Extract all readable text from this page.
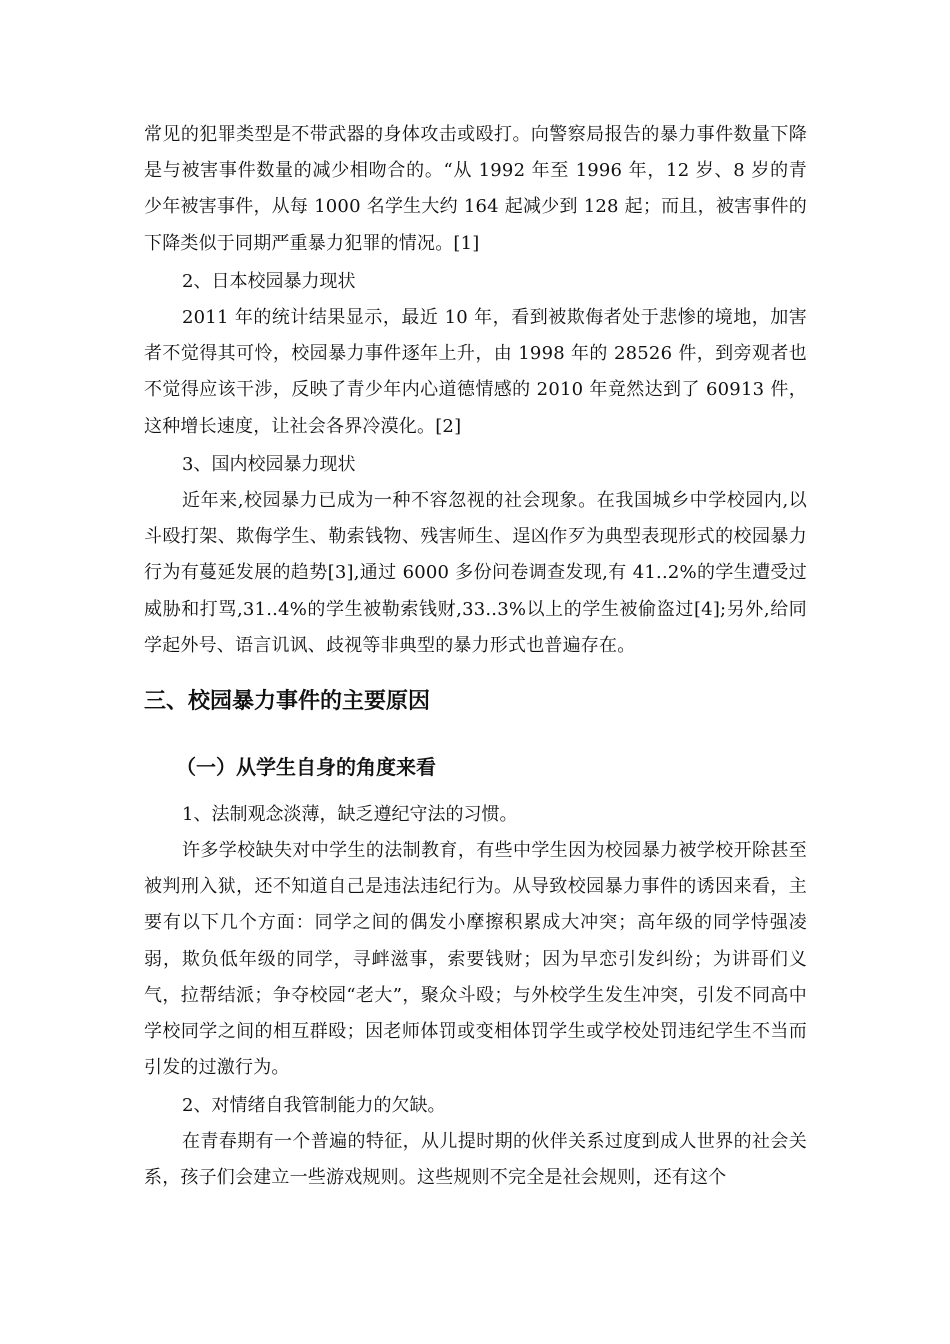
常见的犯罪类型是不带武器的身体攻击或殴打。向警察局报告的暴力事件数量下降是与被害事件数量的减少相吻合的。“从 1992 年至 1996 年，12 岁、8 岁的青少年被害事件，从每 1000 名学生大约 164 起减少到 128 起；而且，被害事件的下降类似于同期严重暴力犯罪的情况。[1]

2、日本校园暴力现状

2011 年的统计结果显示，最近 10 年，看到被欺侮者处于悲惨的境地，加害者不觉得其可怜，校园暴力事件逐年上升，由 1998 年的 28526 件，到旁观者也不觉得应该干涉，反映了青少年内心道德情感的 2010 年竟然达到了 60913 件，这种增长速度，让社会各界冷漠化。[2]

3、国内校园暴力现状

近年来,校园暴力已成为一种不容忽视的社会现象。在我国城乡中学校园内,以斗殴打架、欺侮学生、勒索钱物、残害师生、逞凶作歹为典型表现形式的校园暴力行为有蔓延发展的趋势[3],通过 6000 多份问卷调查发现,有 41..2%的学生遭受过威胁和打骂,31..4%的学生被勒索钱财,33..3%以上的学生被偷盗过[4];另外,给同学起外号、语言讥讽、歧视等非典型的暴力形式也普遍存在。

三、校园暴力事件的主要原因
（一）从学生自身的角度来看

1、法制观念淡薄，缺乏遵纪守法的习惯。

许多学校缺失对中学生的法制教育，有些中学生因为校园暴力被学校开除甚至被判刑入狱，还不知道自己是违法违纪行为。从导致校园暴力事件的诱因来看，主要有以下几个方面：同学之间的偶发小摩擦积累成大冲突；高年级的同学恃强凌弱，欺负低年级的同学，寻衅滋事，索要钱财；因为早恋引发纠纷；为讲哥们义气，拉帮结派；争夺校园“老大”，聚众斗殴；与外校学生发生冲突，引发不同高中学校同学之间的相互群殴；因老师体罚或变相体罚学生或学校处罚违纪学生不当而引发的过激行为。

2、对情绪自我管制能力的欠缺。

在青春期有一个普遍的特征，从儿提时期的伙伴关系过度到成人世界的社会关系，孩子们会建立一些游戏规则。这些规则不完全是社会规则，还有这个
